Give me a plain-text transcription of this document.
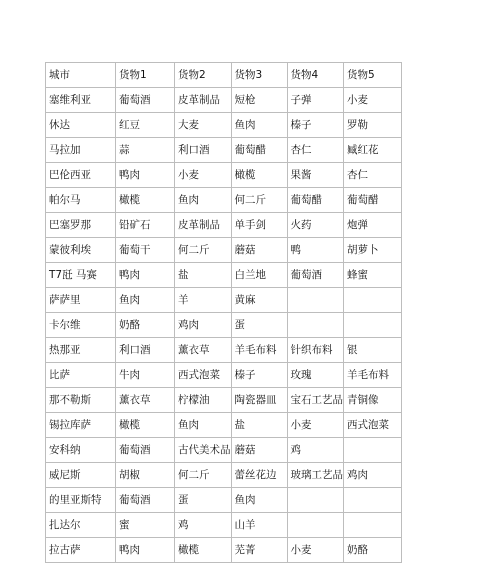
城市	货物1	货物2	货物3	货物4	货物5
塞维利亚	葡萄酒	皮革制品	短枪	子弹	小麦
休达	红豆	大麦	鱼肉	榛子	罗勒
马拉加	蒜	利口酒	葡萄醋	杏仁	臧红花
巴伦西亚	鸭肉	小麦	橄榄	果酱	杏仁
帕尔马	橄榄	鱼肉	何二斤	葡萄醋	葡萄醋
巴塞罗那	铅矿石	皮革制品	单手剑	火药	炮弹
蒙彼利埃	葡萄干	何二斤	蘑菇	鸭	胡萝卜
T7瓩 马赛	鸭肉	盐	白兰地	葡萄酒	蜂蜜
萨萨里	鱼肉	羊	黄麻		
卡尔维	奶酪	鸡肉	蛋		
热那亚	利口酒	薰衣草	羊毛布料	针织布料	银
比萨	牛肉	西式泡菜	榛子	玫瑰	羊毛布料
那不勒斯	薰衣草	柠檬油	陶瓷器皿	宝石工艺品	青铜像
锡拉库萨	橄榄	鱼肉	盐	小麦	西式泡菜
安科纳	葡萄酒	古代美术品	蘑菇	鸡	
威尼斯	胡椒	何二斤	蕾丝花边	玻璃工艺品	鸡肉
的里亚斯特	葡萄酒	蛋	鱼肉		
扎达尔	蜜	鸡	山羊		
拉古萨	鸭肉	橄榄	芜菁	小麦	奶酪
